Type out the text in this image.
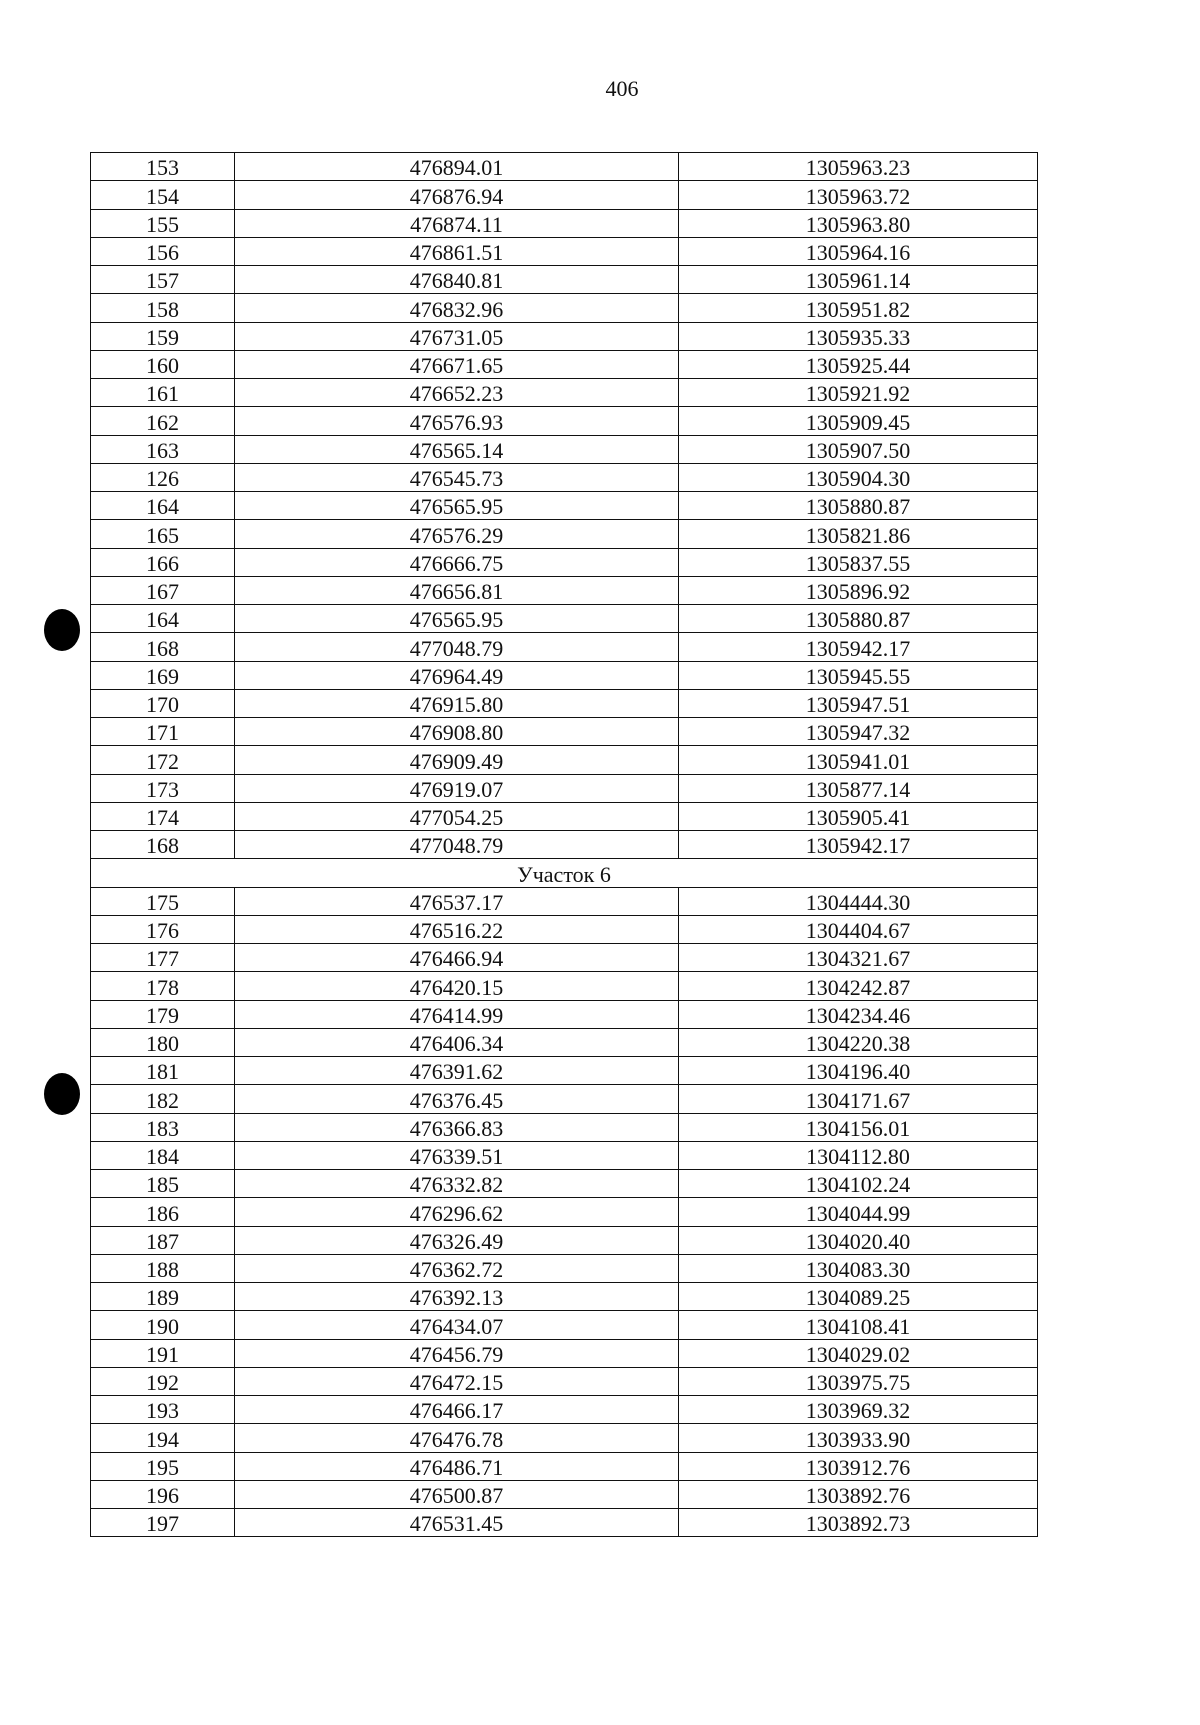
406
153	476894.01	1305963.23
154	476876.94	1305963.72
155	476874.11	1305963.80
156	476861.51	1305964.16
157	476840.81	1305961.14
158	476832.96	1305951.82
159	476731.05	1305935.33
160	476671.65	1305925.44
161	476652.23	1305921.92
162	476576.93	1305909.45
163	476565.14	1305907.50
126	476545.73	1305904.30
164	476565.95	1305880.87
165	476576.29	1305821.86
166	476666.75	1305837.55
167	476656.81	1305896.92
164	476565.95	1305880.87
168	477048.79	1305942.17
169	476964.49	1305945.55
170	476915.80	1305947.51
171	476908.80	1305947.32
172	476909.49	1305941.01
173	476919.07	1305877.14
174	477054.25	1305905.41
168	477048.79	1305942.17
Участок 6		
175	476537.17	1304444.30
176	476516.22	1304404.67
177	476466.94	1304321.67
178	476420.15	1304242.87
179	476414.99	1304234.46
180	476406.34	1304220.38
181	476391.62	1304196.40
182	476376.45	1304171.67
183	476366.83	1304156.01
184	476339.51	1304112.80
185	476332.82	1304102.24
186	476296.62	1304044.99
187	476326.49	1304020.40
188	476362.72	1304083.30
189	476392.13	1304089.25
190	476434.07	1304108.41
191	476456.79	1304029.02
192	476472.15	1303975.75
193	476466.17	1303969.32
194	476476.78	1303933.90
195	476486.71	1303912.76
196	476500.87	1303892.76
197	476531.45	1303892.73
